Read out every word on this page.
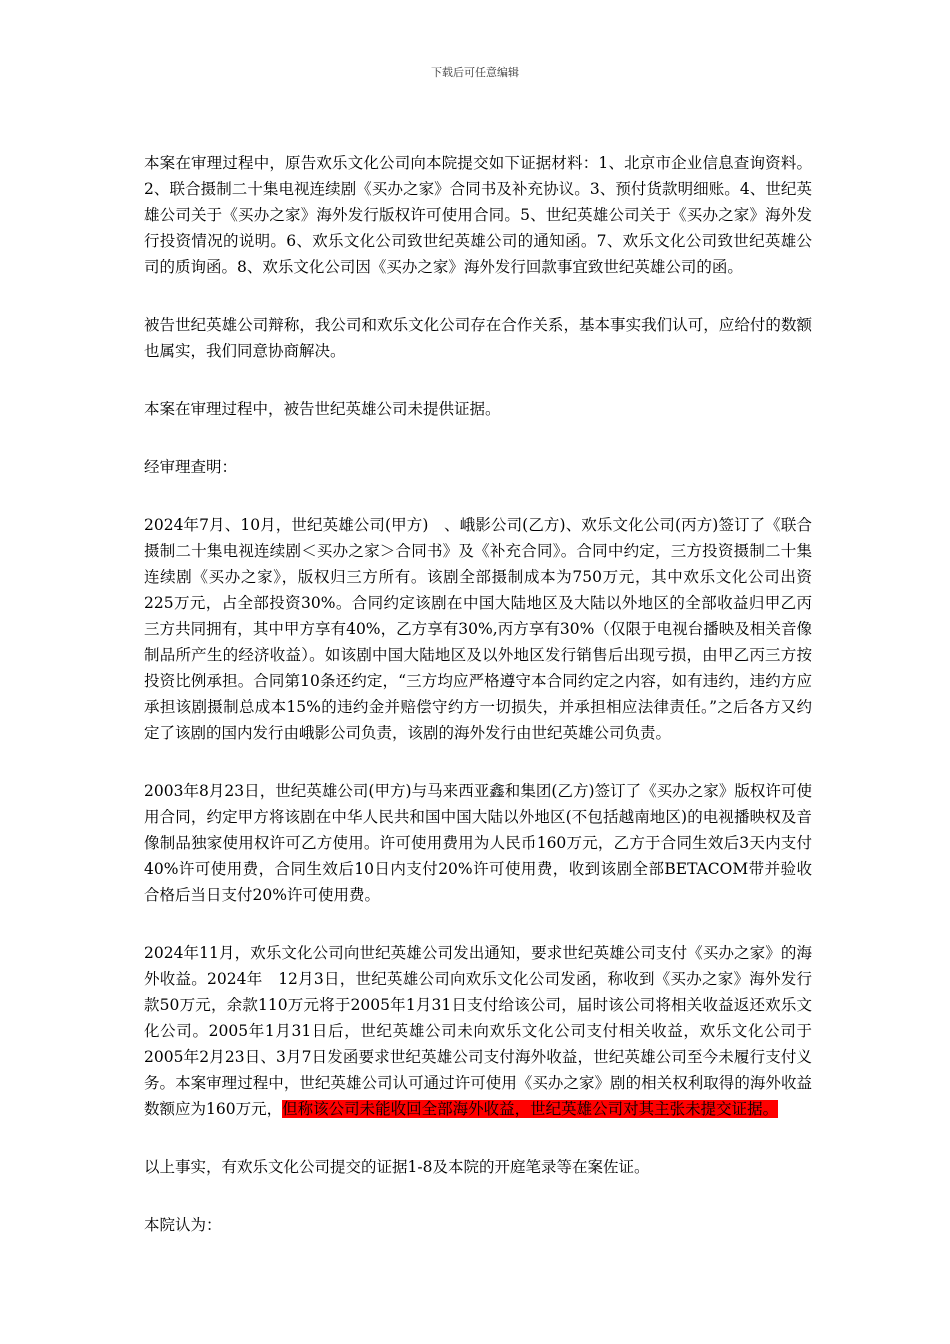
下载后可任意编辑

本案在审理过程中，原告欢乐文化公司向本院提交如下证据材料：1、北京市企业信息查询资料。2、联合摄制二十集电视连续剧《买办之家》合同书及补充协议。3、预付货款明细账。4、世纪英雄公司关于《买办之家》海外发行版权许可使用合同。5、世纪英雄公司关于《买办之家》海外发行投资情况的说明。6、欢乐文化公司致世纪英雄公司的通知函。7、欢乐文化公司致世纪英雄公司的质询函。8、欢乐文化公司因《买办之家》海外发行回款事宜致世纪英雄公司的函。

被告世纪英雄公司辩称，我公司和欢乐文化公司存在合作关系，基本事实我们认可，应给付的数额也属实，我们同意协商解决。

本案在审理过程中，被告世纪英雄公司未提供证据。

经审理查明：

2024年7月、10月，世纪英雄公司(甲方)　、峨影公司(乙方)、欢乐文化公司(丙方)签订了《联合摄制二十集电视连续剧＜买办之家＞合同书》及《补充合同》。合同中约定，三方投资摄制二十集连续剧《买办之家》，版权归三方所有。该剧全部摄制成本为750万元，其中欢乐文化公司出资225万元，占全部投资30%。合同约定该剧在中国大陆地区及大陆以外地区的全部收益归甲乙丙三方共同拥有，其中甲方享有40%，乙方享有30%,丙方享有30%（仅限于电视台播映及相关音像制品所产生的经济收益）。如该剧中国大陆地区及以外地区发行销售后出现亏损，由甲乙丙三方按投资比例承担。合同第10条还约定，“三方均应严格遵守本合同约定之内容，如有违约，违约方应承担该剧摄制总成本15%的违约金并赔偿守约方一切损失，并承担相应法律责任。”之后各方又约定了该剧的国内发行由峨影公司负责，该剧的海外发行由世纪英雄公司负责。

2003年8月23日，世纪英雄公司(甲方)与马来西亚鑫和集团(乙方)签订了《买办之家》版权许可使用合同，约定甲方将该剧在中华人民共和国中国大陆以外地区(不包括越南地区)的电视播映权及音像制品独家使用权许可乙方使用。许可使用费用为人民币160万元，乙方于合同生效后3天内支付40%许可使用费，合同生效后10日内支付20%许可使用费，收到该剧全部BETACOM带并验收合格后当日支付20%许可使用费。

2024年11月，欢乐文化公司向世纪英雄公司发出通知，要求世纪英雄公司支付《买办之家》的海外收益。2024年　12月3日，世纪英雄公司向欢乐文化公司发函，称收到《买办之家》海外发行款50万元，余款110万元将于2005年1月31日支付给该公司，届时该公司将相关收益返还欢乐文化公司。2005年1月31日后，世纪英雄公司未向欢乐文化公司支付相关收益，欢乐文化公司于2005年2月23日、3月7日发函要求世纪英雄公司支付海外收益，世纪英雄公司至今未履行支付义务。本案审理过程中，世纪英雄公司认可通过许可使用《买办之家》剧的相关权利取得的海外收益数额应为160万元，但称该公司未能收回全部海外收益，世纪英雄公司对其主张未提交证据。

以上事实，有欢乐文化公司提交的证据1-8及本院的开庭笔录等在案佐证。

本院认为：
